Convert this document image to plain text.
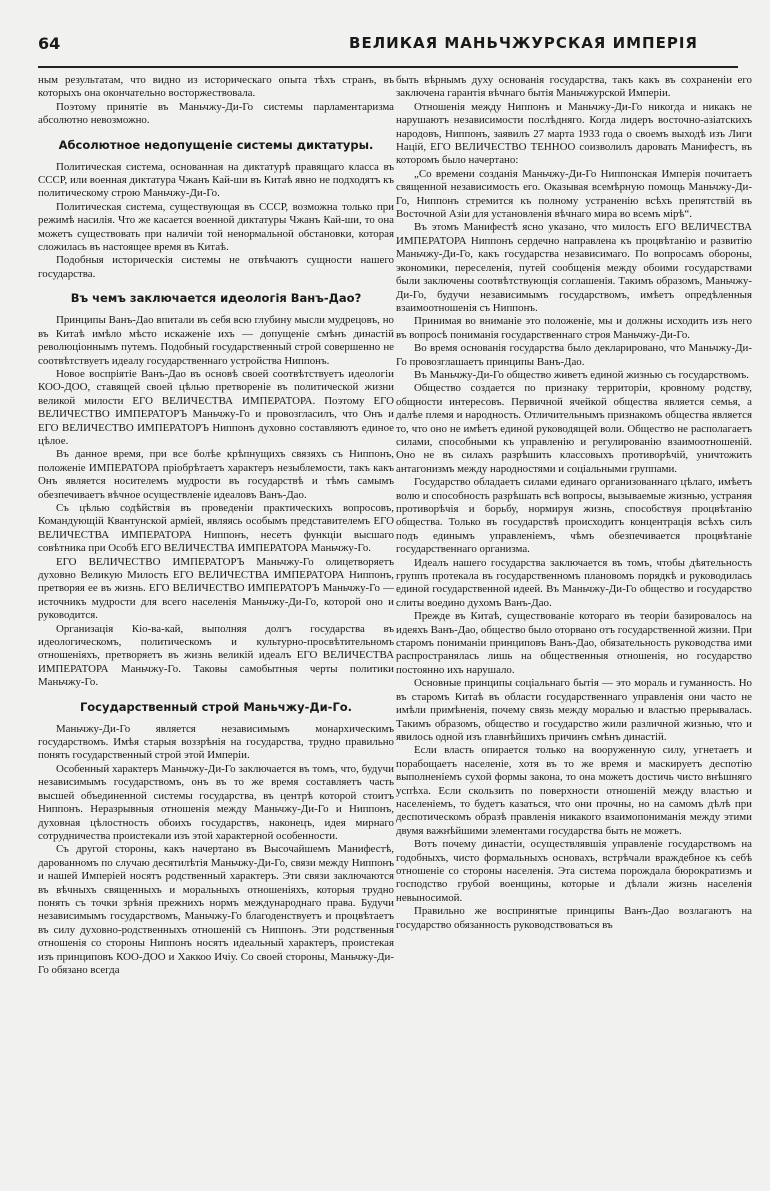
64	ВЕЛИКАЯ МАНЬЧЖУРСКАЯ ИМПЕРІЯ

ным результатам, что видно из историческаго опыта тѣхъ странъ, въ которыхъ она окончательно восторжествовала.

Поэтому принятіе въ Маньчжу-Ди-Го системы парламентаризма абсолютно невозможно.

Абсолютное недопущеніе системы диктатуры.

Политическая система, основанная на диктатурѣ правящаго класса въ СССР, или военная диктатура Чжанъ Кай-ши въ Китаѣ явно не подходятъ къ политическому строю Маньчжу-Ди-Го.

Политическая система, существующая въ СССР, возможна только при режимѣ насилія. Что же касается военной диктатуры Чжанъ Кай-ши, то она можетъ существовать при наличіи той ненормальной обстановки, которая сложилась въ настоящее время въ Китаѣ.

Подобныя историческія системы не отвѣчаютъ сущности нашего государства.

Въ чемъ заключается идеологія Ванъ-Дао?

Принципы Ванъ-Дао впитали въ себя всю глубину мысли мудрецовъ, но въ Китаѣ имѣло мѣсто искаженіе ихъ — допущеніе смѣнъ династій революціоннымъ путемъ. Подобный государственный строй совершенно не соотвѣтствуетъ идеалу государственнаго устройства Ниппонъ.

Новое воспріятіе Ванъ-Дао въ основѣ своей соотвѣтствуетъ идеологіи КОО-ДОО, ставящей своей цѣлью претвореніе въ политической жизни великой милости ЕГО ВЕЛИЧЕСТВА ИМПЕРАТОРА. Поэтому ЕГО ВЕЛИЧЕСТВО ИМПЕРАТОРЪ Маньчжу-Го и провозгласилъ, что Онъ и ЕГО ВЕЛИЧЕСТВО ИМПЕРАТОРЪ Ниппонъ духовно составляютъ единое цѣлое.

Въ данное время, при все болѣе крѣпнущихъ связяхъ съ Ниппонъ, положеніе ИМПЕРАТОРА пріобрѣтаетъ характеръ незыблемости, такъ какъ Онъ является носителемъ мудрости въ государствѣ и тѣмъ самымъ обезпечиваетъ вѣчное осуществленіе идеаловъ Ванъ-Дао.

Съ цѣлью содѣйствія въ проведеніи практическихъ вопросовъ, Командующій Квантунской арміей, являясь особымъ представителемъ ЕГО ВЕЛИЧЕСТВА ИМПЕРАТОРА Ниппонъ, несетъ функціи высшаго совѣтника при Особѣ ЕГО ВЕЛИЧЕСТВА ИМПЕРАТОРА Маньчжу-Го.

ЕГО ВЕЛИЧЕСТВО ИМПЕРАТОРЪ Маньчжу-Го олицетворяетъ духовно Великую Милость ЕГО ВЕЛИЧЕСТВА ИМПЕРАТОРА Ниппонъ, претворяя ее въ жизнь. ЕГО ВЕЛИЧЕСТВО ИМПЕРАТОРЪ Маньчжу-Го — источникъ мудрости для всего населенія Маньчжу-Ди-Го, которой оно и руководится.

Организація Кіо-ва-кай, выполняя долгъ государства въ идеологическомъ, политическомъ и культурно-просвѣтительномъ отношеніяхъ, претворяетъ въ жизнь великій идеалъ ЕГО ВЕЛИЧЕСТВА ИМПЕРАТОРА Маньчжу-Го. Таковы самобытныя черты политики Маньчжу-Го.

Государственный строй Маньчжу-Ди-Го.

Маньчжу-Ди-Го является независимымъ монархическимъ государствомъ. Имѣя старыя воззрѣнія на государства, трудно правильно понять государственный строй этой Имперіи.

Особенный характеръ Маньчжу-Ди-Го заключается въ томъ, что, будучи независимымъ государствомъ, онъ въ то же время составляетъ часть высшей объединенной системы государства, въ центрѣ которой стоитъ Ниппонъ. Неразрывныя отношенія между Маньчжу-Ди-Го и Ниппонъ, духовная цѣлостность обоихъ государствъ, наконецъ, идея мирнаго сотрудничества проистекали изъ этой характерной особенности.

Съ другой стороны, какъ начертано въ Высочайшемъ Манифестѣ, дарованномъ по случаю десятилѣтія Маньчжу-Ди-Го, связи между Ниппонъ и нашей Имперіей носятъ родственный характеръ. Эти связи заключаются въ вѣчныхъ священныхъ и моральныхъ отношеніяхъ, которыя трудно понять съ точки зрѣнія прежнихъ нормъ международнаго права. Будучи независимымъ государствомъ, Маньчжу-Го благоденствуетъ и процвѣтаетъ въ силу духовно-родственныхъ отношеній съ Ниппонъ. Эти родственныя отношенія со стороны Ниппонъ носятъ идеальный характеръ, проистекая изъ принциповъ КОО-ДОО и Хаккоо Ичіу. Со своей стороны, Маньчжу-Ди-Го обязано всегда

быть вѣрнымъ духу основанія государства, такъ какъ въ сохраненіи его заключена гарантія вѣчнаго бытія Маньчжурской Имперіи.

Отношенія между Ниппонъ и Маньчжу-Ди-Го никогда и никакъ не нарушаютъ независимости послѣдняго. Когда лидеръ восточно-азіатскихъ народовъ, Ниппонъ, заявилъ 27 марта 1933 года о своемъ выходѣ изъ Лиги Націй, ЕГО ВЕЛИЧЕСТВО ТЕННОО соизволилъ даровать Манифестъ, въ которомъ было начертано:

„Со времени созданія Маньчжу-Ди-Го Ниппонская Имперія почитаетъ священной независимость его. Оказывая всемѣрную помощь Маньчжу-Ди-Го, Ниппонъ стремится къ полному устраненію всѣхъ препятствій въ Восточной Азіи для установленія вѣчнаго мира во всемъ мірѣ“.

Въ этомъ Манифестѣ ясно указано, что милость ЕГО ВЕЛИЧЕСТВА ИМПЕРАТОРА Ниппонъ сердечно направлена къ процвѣтанію и развитію Маньчжу-Ди-Го, какъ государства независимаго. По вопросамъ обороны, экономики, переселенія, путей сообщенія между обоими государствами были заключены соотвѣтствующія соглашенія. Такимъ образомъ, Маньчжу-Ди-Го, будучи независимымъ государствомъ, имѣетъ опредѣленныя взаимоотношенія съ Ниппонъ.

Принимая во вниманіе это положеніе, мы и должны исходить изъ него въ вопросѣ пониманія государственнаго строя Маньчжу-Ди-Го.

Во время основанія государства было декларировано, что Маньчжу-Ди-Го провозглашаетъ принципы Ванъ-Дао.

Въ Маньчжу-Ди-Го общество живетъ единой жизнью съ государствомъ.

Общество создается по признаку территоріи, кровному родству, общности интересовъ. Первичной ячейкой общества является семья, а далѣе племя и народность. Отличительнымъ признакомъ общества является то, что оно не имѣетъ единой руководящей воли. Общество не располагаетъ силами, способными къ управленію и регулированію взаимоотношеній. Оно не въ силахъ разрѣшить классовыхъ противорѣчій, уничтожить антагонизмъ между народностями и соціальными группами.

Государство обладаетъ силами единаго организованнаго цѣлаго, имѣетъ волю и способность разрѣшать всѣ вопросы, вызываемые жизнью, устраняя противорѣчія и борьбу, нормируя жизнь, способствуя процвѣтанію общества. Только въ государствѣ происходитъ концентрація всѣхъ силъ подъ единымъ управленіемъ, чѣмъ обезпечивается процвѣтаніе государственнаго организма.

Идеалъ нашего государства заключается въ томъ, чтобы дѣятельность группъ протекала въ государственномъ плановомъ порядкѣ и руководилась единой государственной идеей. Въ Маньчжу-Ди-Го общество и государство слиты воедино духомъ Ванъ-Дао.

Прежде въ Китаѣ, существованіе котораго въ теоріи базировалось на идеяхъ Ванъ-Дао, общество было оторвано отъ государственной жизни. При старомъ пониманіи принциповъ Ванъ-Дао, обязательность руководства ими распространялась лишь на общественныя отношенія, но государство постоянно ихъ нарушало.

Основные принципы соціальнаго бытія — это мораль и гуманность. Но въ старомъ Китаѣ въ области государственнаго управленія они часто не имѣли примѣненія, почему связь между моралью и властью прерывалась. Такимъ образомъ, общество и государство жили различной жизнью, что и явилось одной изъ главнѣйшихъ причинъ смѣнъ династій.

Если власть опирается только на вооруженную силу, угнетаетъ и порабощаетъ населеніе, хотя въ то же время и маскируетъ деспотію выполненіемъ сухой формы закона, то она можетъ достичь чисто внѣшняго успѣха. Если скользить по поверхности отношеній между властью и населеніемъ, то будетъ казаться, что они прочны, но на самомъ дѣлѣ при деспотическомъ образѣ правленія никакого взаимопониманія между этими двумя важнѣйшими элементами государства быть не можетъ.

Вотъ почему династіи, осуществлявшія управленіе государствомъ на годобныхъ, чисто формальныхъ основахъ, встрѣчали враждебное къ себѣ отношеніе со стороны населенія. Эта система порождала бюрократизмъ и господство грубой военщины, которые и дѣлали жизнь населенія невыносимой.

Правильно же воспринятые принципы Ванъ-Дао возлагаютъ на государство обязанность руководствоваться въ
